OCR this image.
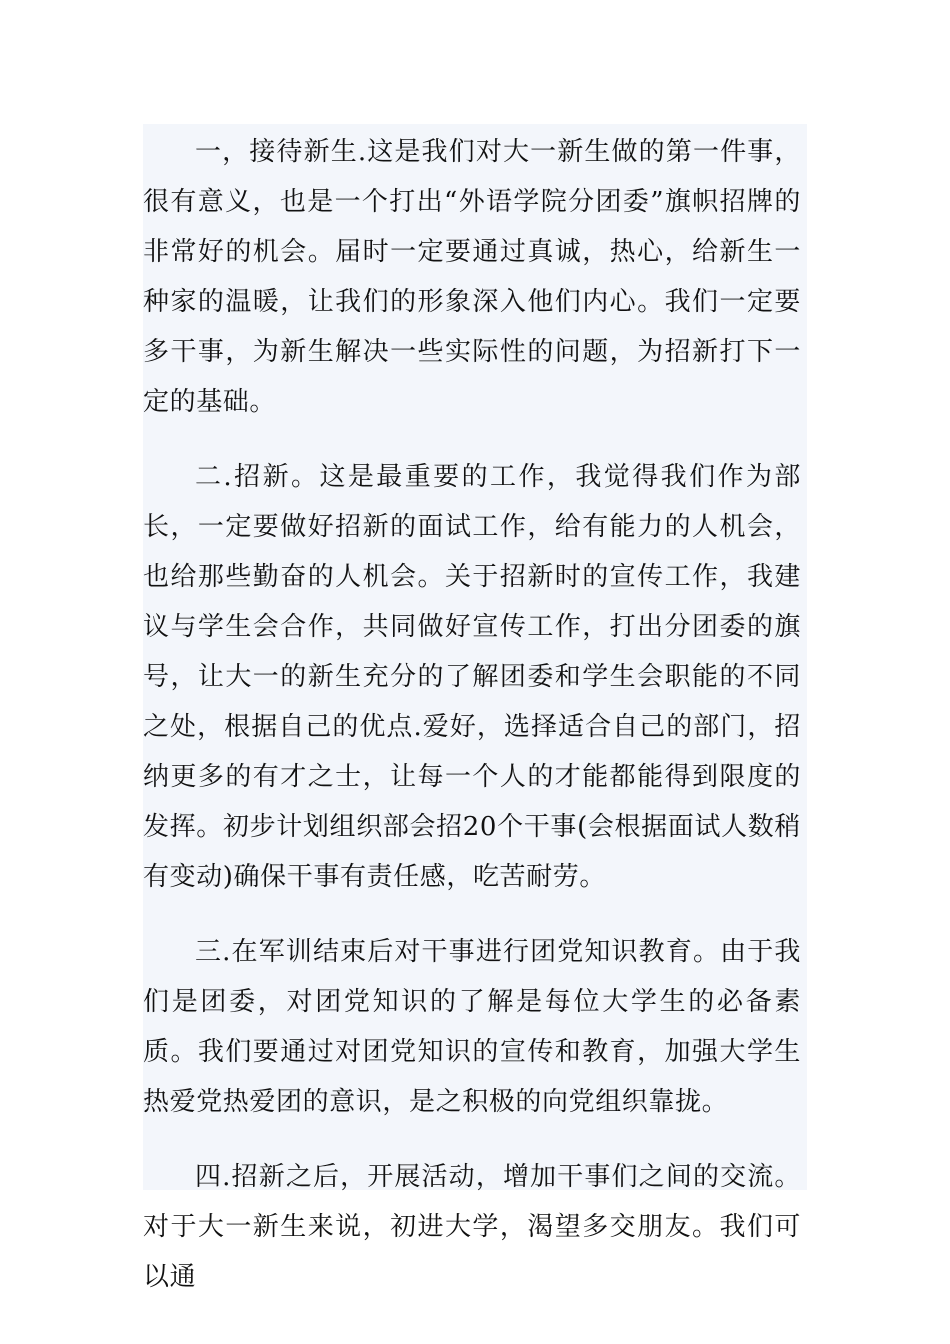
一，接待新生.这是我们对大一新生做的第一件事，很有意义，也是一个打出“外语学院分团委”旗帜招牌的非常好的机会。届时一定要通过真诚，热心，给新生一种家的温暖，让我们的形象深入他们内心。我们一定要多干事，为新生解决一些实际性的问题，为招新打下一定的基础。

二.招新。这是最重要的工作，我觉得我们作为部长，一定要做好招新的面试工作，给有能力的人机会，也给那些勤奋的人机会。关于招新时的宣传工作，我建议与学生会合作，共同做好宣传工作，打出分团委的旗号，让大一的新生充分的了解团委和学生会职能的不同之处，根据自己的优点.爱好，选择适合自己的部门，招纳更多的有才之士，让每一个人的才能都能得到限度的发挥。初步计划组织部会招20个干事(会根据面试人数稍有变动)确保干事有责任感，吃苦耐劳。

三.在军训结束后对干事进行团党知识教育。由于我们是团委，对团党知识的了解是每位大学生的必备素质。我们要通过对团党知识的宣传和教育，加强大学生热爱党热爱团的意识，是之积极的向党组织靠拢。

四.招新之后，开展活动，增加干事们之间的交流。对于大一新生来说，初进大学，渴望多交朋友。我们可以通
